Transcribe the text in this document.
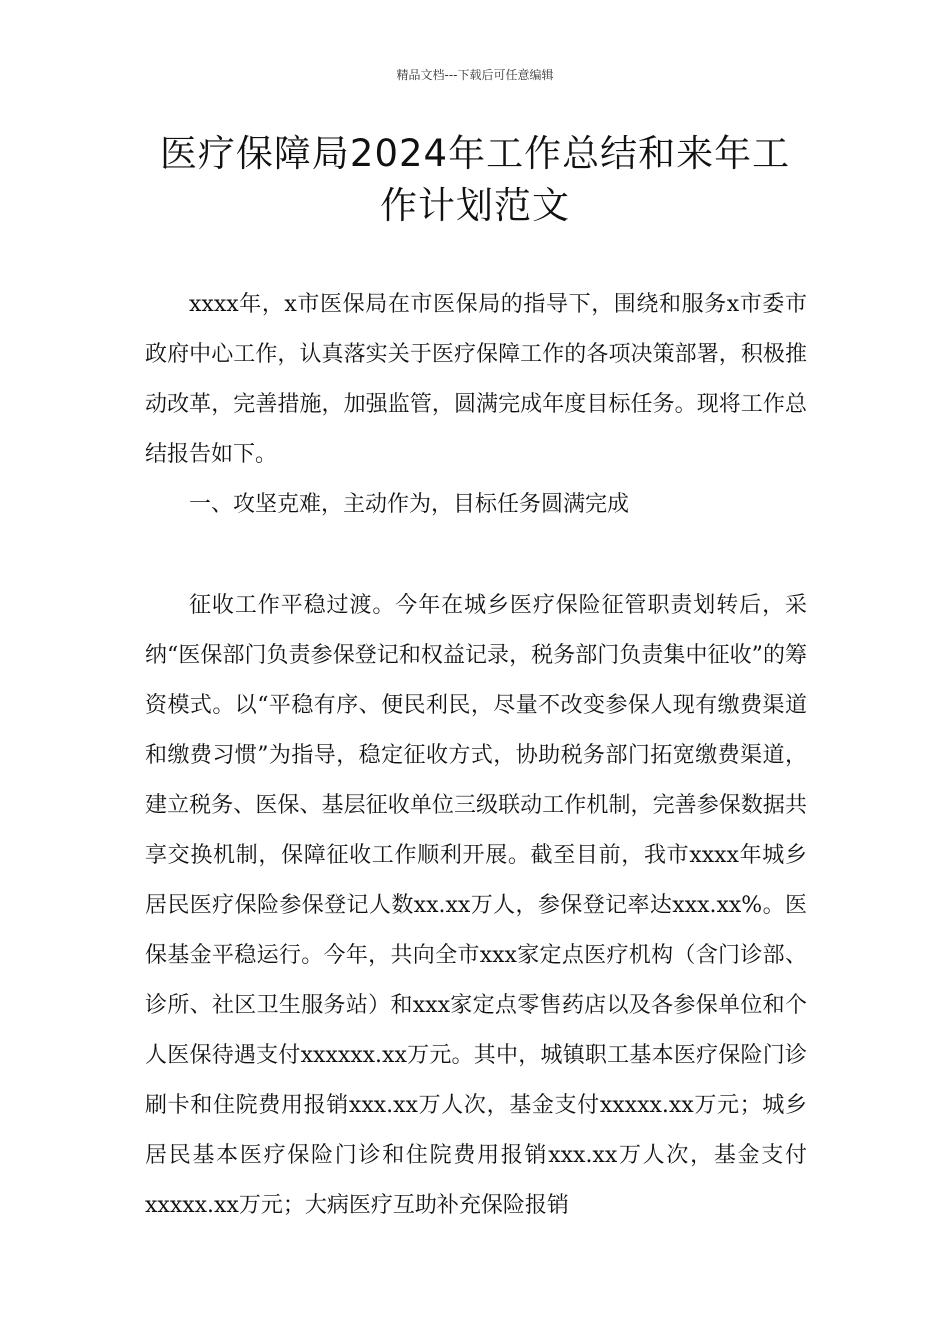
精品文档---下载后可任意编辑
医疗保障局2024年工作总结和来年工
作计划范文

xxxx年，x市医保局在市医保局的指导下，围绕和服务x市委市政府中心工作，认真落实关于医疗保障工作的各项决策部署，积极推动改革，完善措施，加强监管，圆满完成年度目标任务。现将工作总结报告如下。

一、攻坚克难，主动作为，目标任务圆满完成

征收工作平稳过渡。今年在城乡医疗保险征管职责划转后，采纳“医保部门负责参保登记和权益记录，税务部门负责集中征收”的筹资模式。以“平稳有序、便民利民，尽量不改变参保人现有缴费渠道和缴费习惯”为指导，稳定征收方式，协助税务部门拓宽缴费渠道，建立税务、医保、基层征收单位三级联动工作机制，完善参保数据共享交换机制，保障征收工作顺利开展。截至目前，我市xxxx年城乡居民医疗保险参保登记人数xx.xx万人，参保登记率达xxx.xx%。医保基金平稳运行。今年，共向全市xxx家定点医疗机构（含门诊部、诊所、社区卫生服务站）和xxx家定点零售药店以及各参保单位和个人医保待遇支付xxxxxx.xx万元。其中，城镇职工基本医疗保险门诊刷卡和住院费用报销xxx.xx万人次，基金支付xxxxx.xx万元；城乡居民基本医疗保险门诊和住院费用报销xxx.xx万人次，基金支付xxxxx.xx万元；大病医疗互助补充保险报销
